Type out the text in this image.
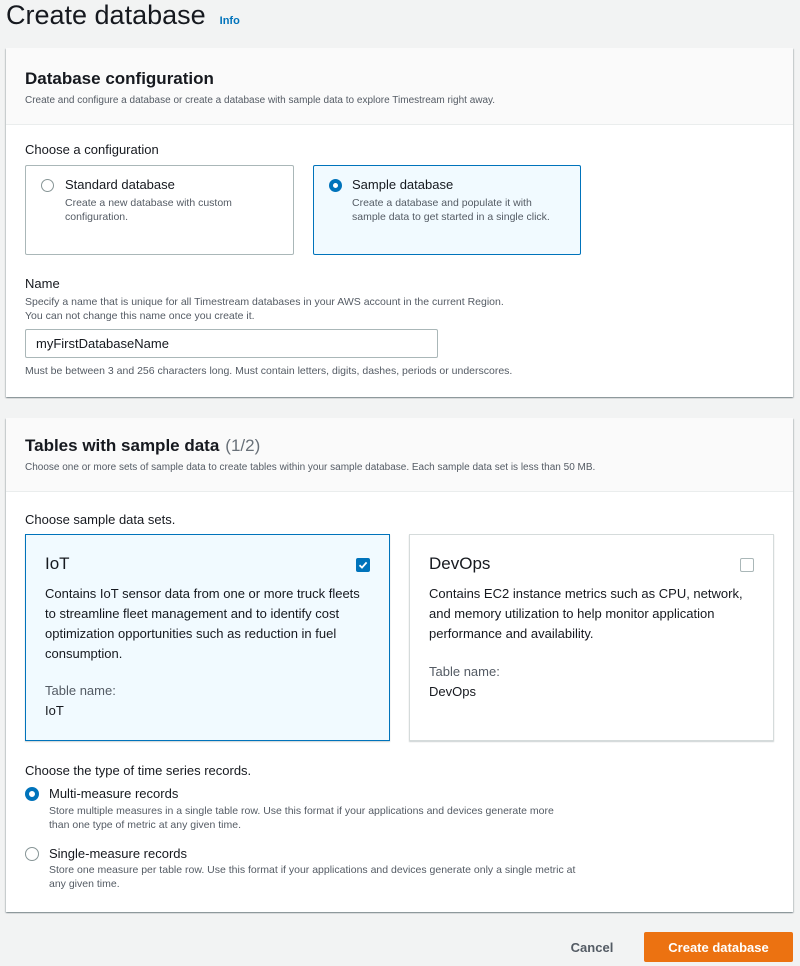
Create database Info
Database configuration
Create and configure a database or create a database with sample data to explore Timestream right away.
Choose a configuration
Standard database
Create a new database with custom configuration.
Sample database
Create a database and populate it with sample data to get started in a single click.
Name
Specify a name that is unique for all Timestream databases in your AWS account in the current Region.
You can not change this name once you create it.
myFirstDatabaseName
Must be between 3 and 256 characters long. Must contain letters, digits, dashes, periods or underscores.
Tables with sample data (1/2)
Choose one or more sets of sample data to create tables within your sample database. Each sample data set is less than 50 MB.
Choose sample data sets.
IoT
Contains IoT sensor data from one or more truck fleets to streamline fleet management and to identify cost optimization opportunities such as reduction in fuel consumption.
Table name:
IoT
DevOps
Contains EC2 instance metrics such as CPU, network, and memory utilization to help monitor application performance and availability.
Table name:
DevOps
Choose the type of time series records.
Multi-measure records
Store multiple measures in a single table row. Use this format if your applications and devices generate more than one type of metric at any given time.
Single-measure records
Store one measure per table row. Use this format if your applications and devices generate only a single metric at any given time.
Cancel	Create database
